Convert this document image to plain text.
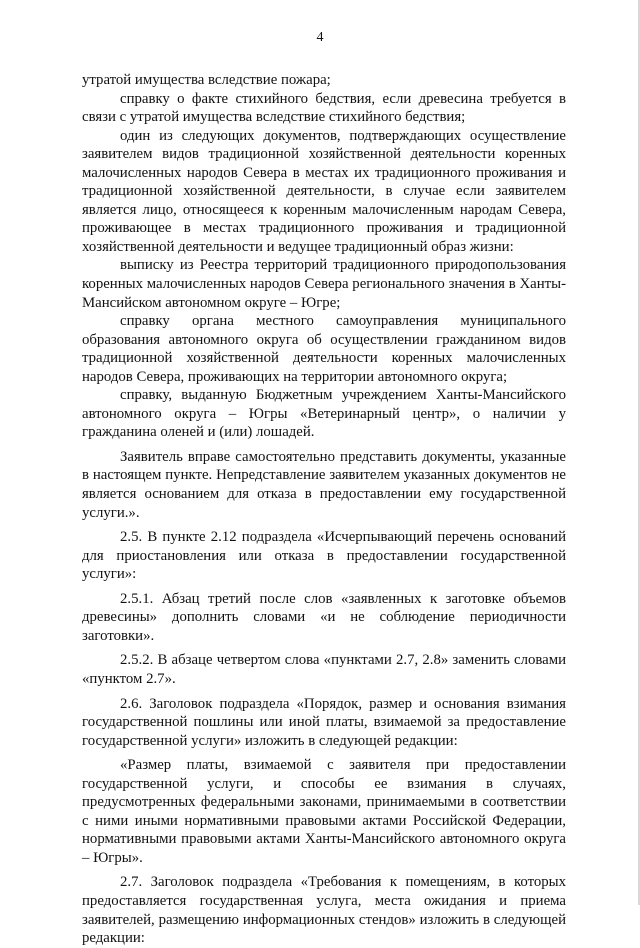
4

утратой имущества вследствие пожара;

справку о факте стихийного бедствия, если древесина требуется в связи с утратой имущества вследствие стихийного бедствия;

один из следующих документов, подтверждающих осуществление заявителем видов традиционной хозяйственной деятельности коренных малочисленных народов Севера в местах их традиционного проживания и традиционной хозяйственной деятельности, в случае если заявителем является лицо, относящееся к коренным малочисленным народам Севера, проживающее в местах традиционного проживания и традиционной хозяйственной деятельности и ведущее традиционный образ жизни:

выписку из Реестра территорий традиционного природопользования коренных малочисленных народов Севера регионального значения в Ханты-Мансийском автономном округе – Югре;

справку органа местного самоуправления муниципального образования автономного округа об осуществлении гражданином видов традиционной хозяйственной деятельности коренных малочисленных народов Севера, проживающих на территории автономного округа;

справку, выданную Бюджетным учреждением Ханты-Мансийского автономного округа – Югры «Ветеринарный центр», о наличии у гражданина оленей и (или) лошадей.

Заявитель вправе самостоятельно представить документы, указанные в настоящем пункте. Непредставление заявителем указанных документов не является основанием для отказа в предоставлении ему государственной услуги.».

2.5. В пункте 2.12 подраздела «Исчерпывающий перечень оснований для приостановления или отказа в предоставлении государственной услуги»:

2.5.1. Абзац третий после слов «заявленных к заготовке объемов древесины» дополнить словами «и не соблюдение периодичности заготовки».

2.5.2. В абзаце четвертом слова «пунктами 2.7, 2.8» заменить словами «пунктом 2.7».

2.6. Заголовок подраздела «Порядок, размер и основания взимания государственной пошлины или иной платы, взимаемой за предоставление государственной услуги» изложить в следующей редакции:

«Размер платы, взимаемой с заявителя при предоставлении государственной услуги, и способы ее взимания в случаях, предусмотренных федеральными законами, принимаемыми в соответствии с ними иными нормативными правовыми актами Российской Федерации, нормативными правовыми актами Ханты-Мансийского автономного округа – Югры».

2.7. Заголовок подраздела «Требования к помещениям, в которых предоставляется государственная услуга, места ожидания и приема заявителей, размещению информационных стендов» изложить в следующей редакции:
